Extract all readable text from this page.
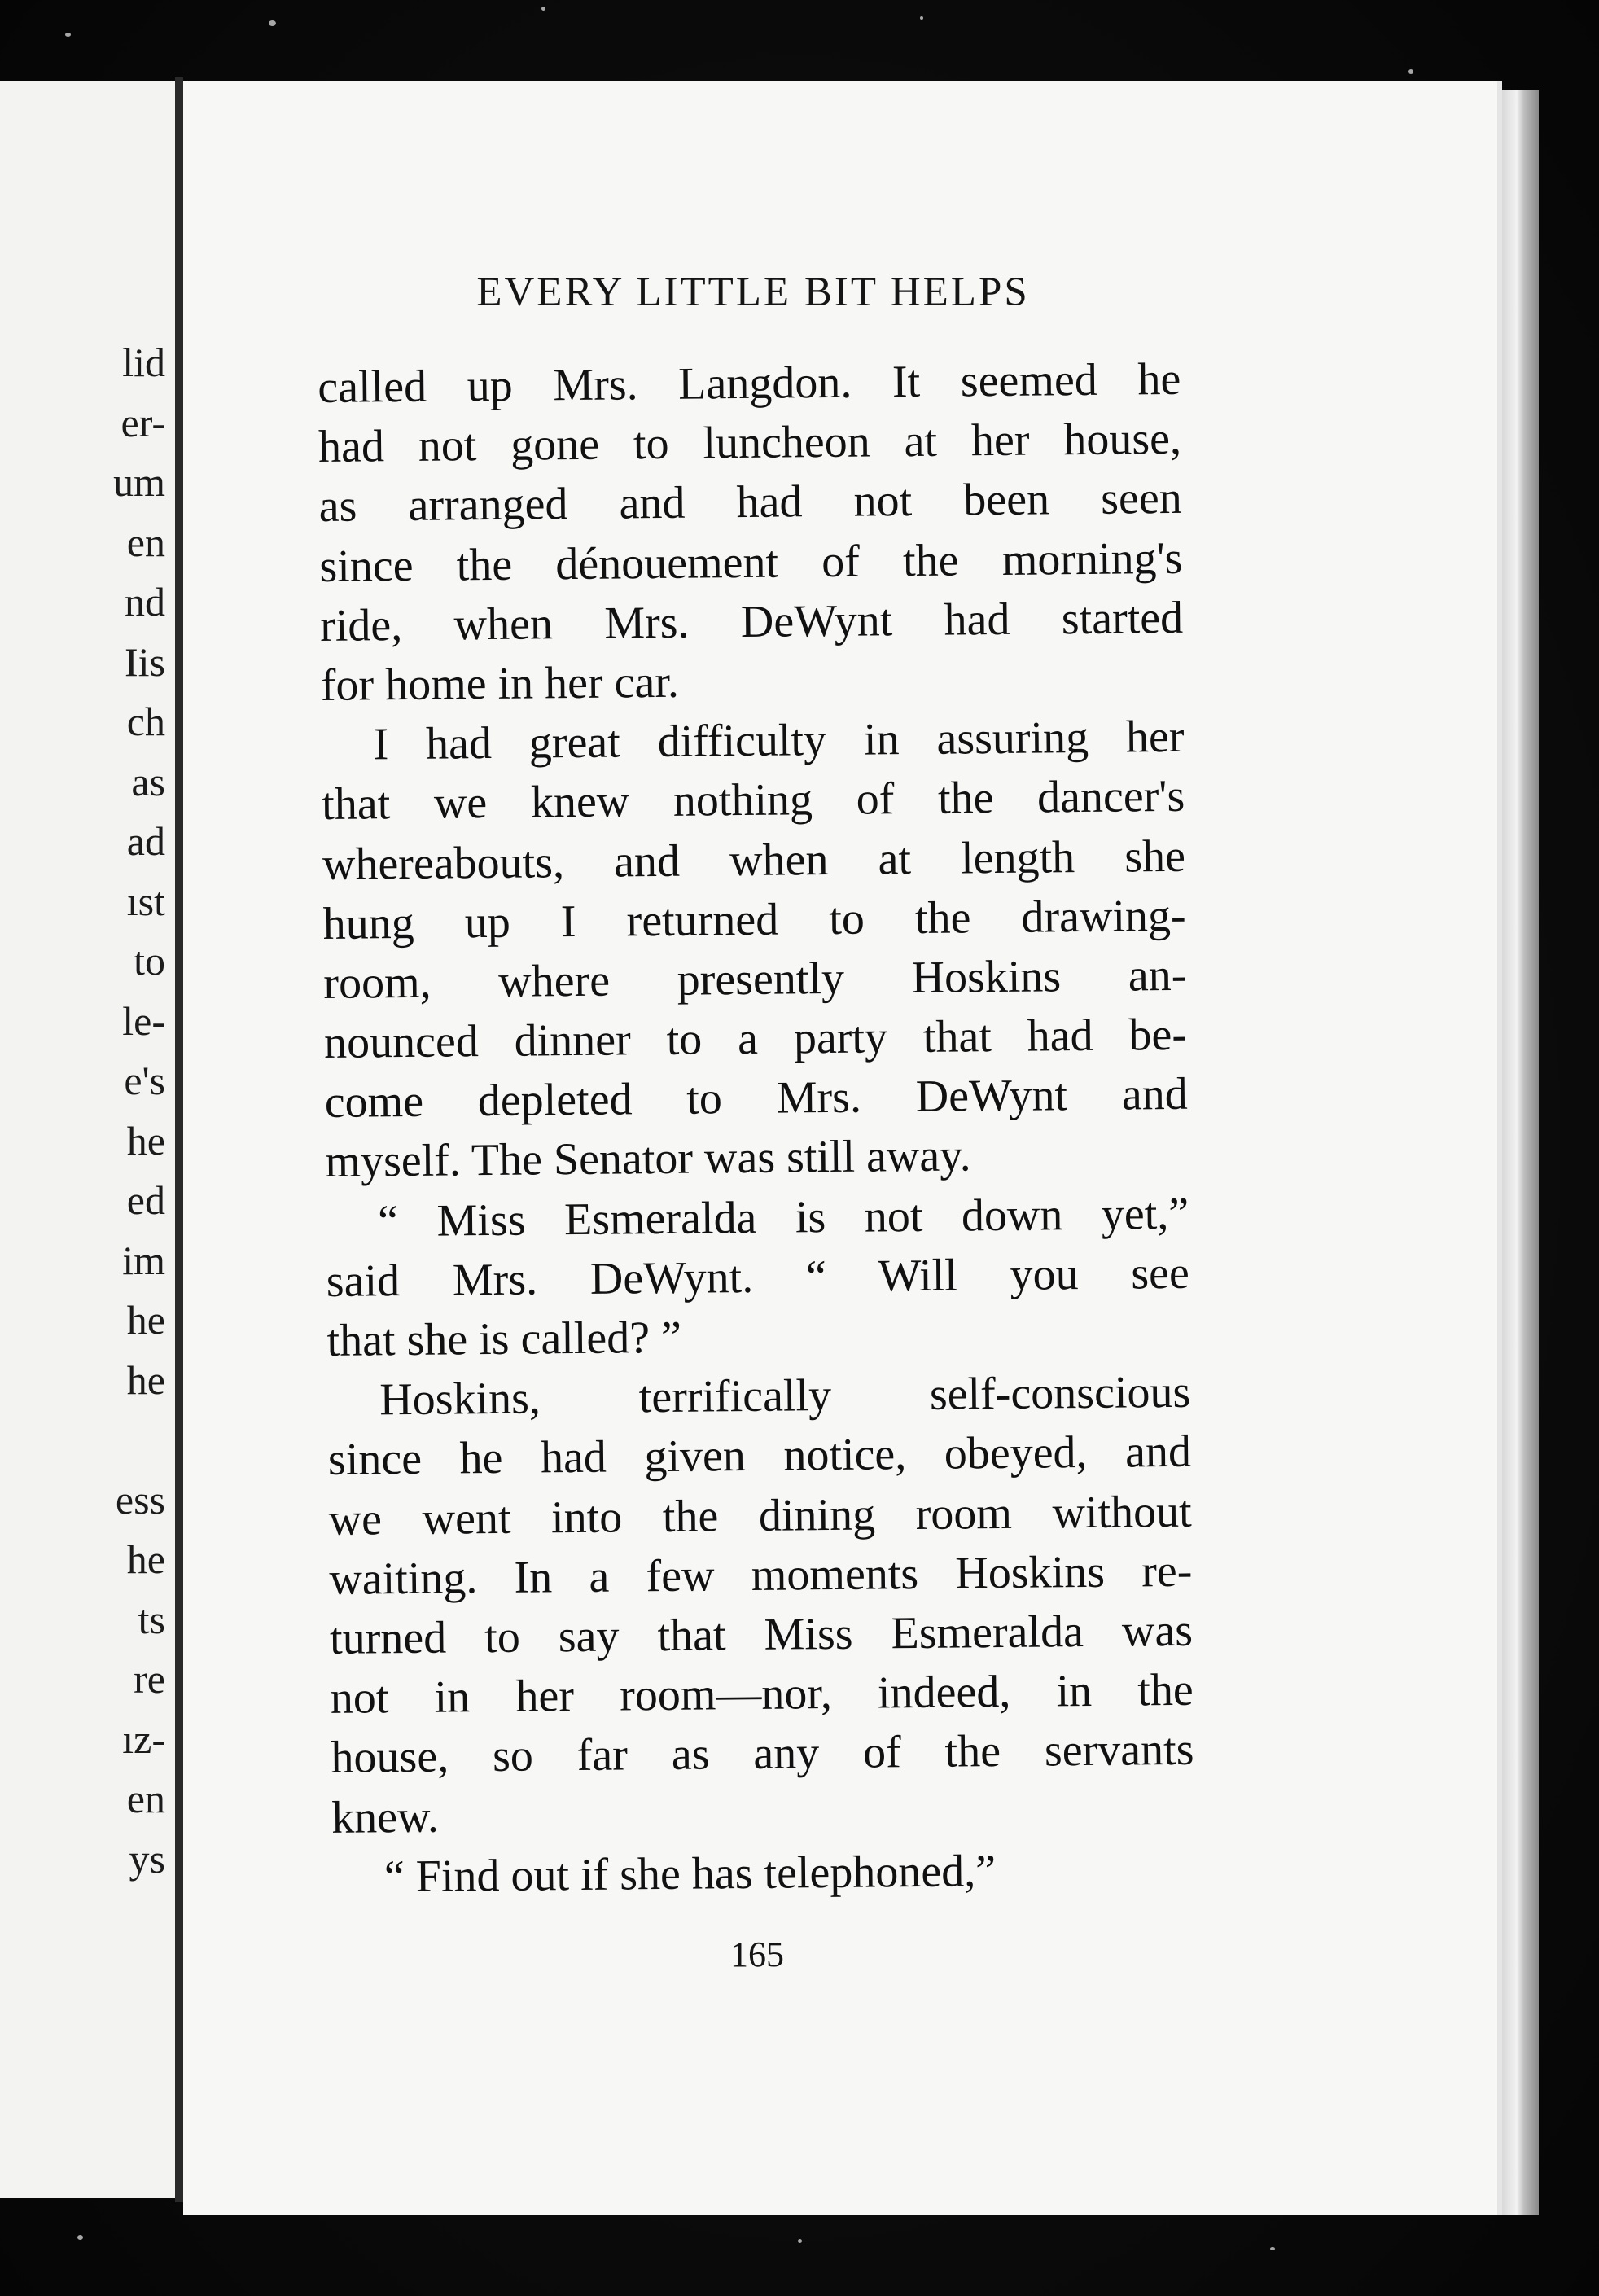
lid
er-
um
en
nd
Iis
ch
as
ad
ıst
to
le-
e's
he
ed
im
he
he
ess
he
ts
re
ız-
en
ys
EVERY LITTLE BIT HELPS
called up Mrs. Langdon. It seemed he
had not gone to luncheon at her house,
as arranged and had not been seen
since the dénouement of the morning's
ride, when Mrs. DeWynt had started
for home in her car.
I had great difficulty in assuring her
that we knew nothing of the dancer's
whereabouts, and when at length she
hung up I returned to the drawing-
room, where presently Hoskins an-
nounced dinner to a party that had be-
come depleted to Mrs. DeWynt and
myself. The Senator was still away.
“ Miss Esmeralda is not down yet,”
said Mrs. DeWynt. “ Will you see
that she is called? ”
Hoskins, terrifically self-conscious
since he had given notice, obeyed, and
we went into the dining room without
waiting. In a few moments Hoskins re-
turned to say that Miss Esmeralda was
not in her room—nor, indeed, in the
house, so far as any of the servants
knew.
“ Find out if she has telephoned,”
165
